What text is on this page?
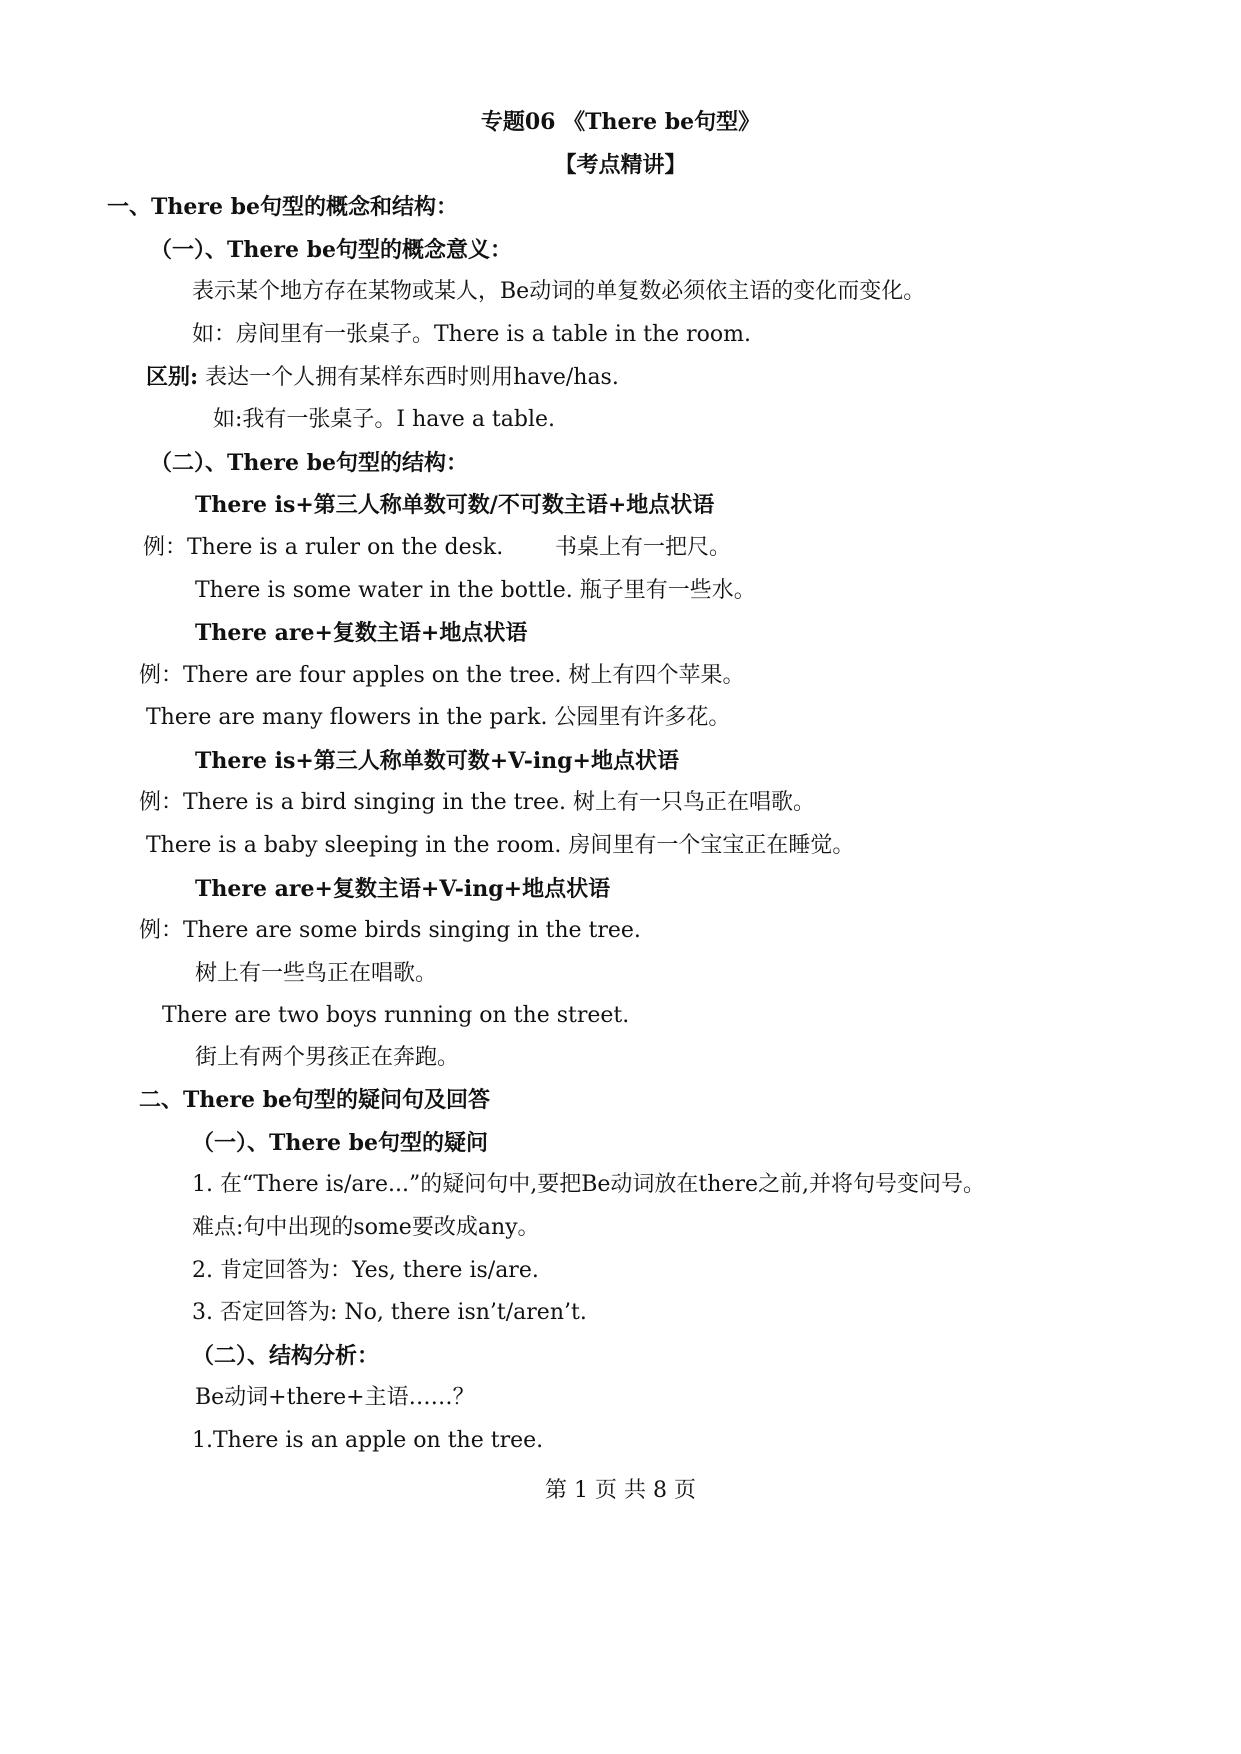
专题06 《There be句型》
【考点精讲】
一、There be句型的概念和结构：
（一）、There be句型的概念意义：
表示某个地方存在某物或某人，Be动词的单复数必须依主语的变化而变化。
如：房间里有一张桌子。There is a table in the room.
区别: 表达一个人拥有某样东西时则用have/has.
如:我有一张桌子。I have a table.
（二）、There be句型的结构：
There is+第三人称单数可数/不可数主语+地点状语
例：There is a ruler on the desk. 书桌上有一把尺。
There is some water in the bottle. 瓶子里有一些水。
There are+复数主语+地点状语
例：There are four apples on the tree. 树上有四个苹果。
There are many flowers in the park. 公园里有许多花。
There is+第三人称单数可数+V-ing+地点状语
例：There is a bird singing in the tree. 树上有一只鸟正在唱歌。
There is a baby sleeping in the room. 房间里有一个宝宝正在睡觉。
There are+复数主语+V-ing+地点状语
例：There are some birds singing in the tree.
树上有一些鸟正在唱歌。
There are two boys running on the street.
街上有两个男孩正在奔跑。
二、There be句型的疑问句及回答
（一）、There be句型的疑问
1. 在“There is/are...”的疑问句中,要把Be动词放在there之前,并将句号变问号。
难点:句中出现的some要改成any。
2. 肯定回答为：Yes, there is/are.
3. 否定回答为: No, there isn’t/aren’t.
（二）、结构分析：
Be动词+there+主语……？
1.There is an apple on the tree.
第 1 页 共 8 页
